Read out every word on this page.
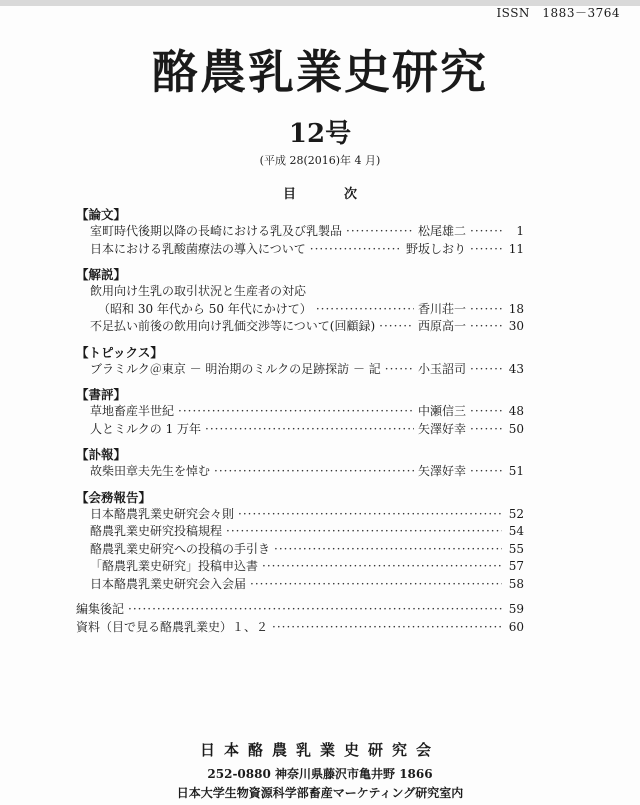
ISSN　1883－3764
酪農乳業史研究
12号
(平成 28(2016)年 4 月)
目次
【論文】
室町時代後期以降の長崎における乳及び乳製品 ·····	松尾雄二 ·····	1
日本における乳酸菌療法の導入について ·····	野坂しおり ·····	11
【解説】
飲用向け生乳の取引状況と生産者の対応
（昭和 30 年代から 50 年代にかけて） ·····	香川荘一 ·····	18
不足払い前後の飲用向け乳価交渉等について(回顧録) ·····	西原高一 ·····	30
【トピックス】
ブラミルク＠東京 － 明治期のミルクの足跡探訪 － 記 ·····	小玉詔司 ·····	43
【書評】
草地畜産半世紀 ·····	中瀬信三 ·····	48
人とミルクの 1 万年 ·····	矢澤好幸 ·····	50
【訃報】
故柴田章夫先生を悼む ·····	矢澤好幸 ·····	51
【会務報告】
日本酪農乳業史研究会々則 ·····	52
酪農乳業史研究投稿規程 ·····	54
酪農乳業史研究への投稿の手引き ·····	55
「酪農乳業史研究」投稿申込書 ·····	57
日本酪農乳業史研究会入会届 ·····	58
編集後記 ·····	59
資料（目で見る酪農乳業史）１、２ ·····	60
日本酪農乳業史研究会
252-0880 神奈川県藤沢市亀井野 1866
日本大学生物資源科学部畜産マーケティング研究室内
